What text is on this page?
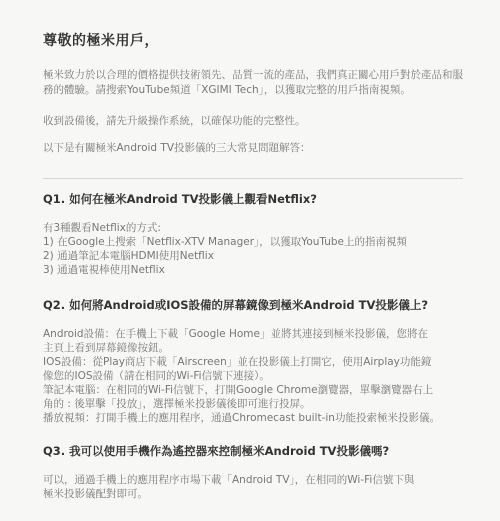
尊敬的極米用戶，

極米致力於以合理的價格提供技術領先、品質一流的產品，我們真正關心用戶對於產品和服務的體驗。請搜索YouTube頻道「XGIMI Tech」，以獲取完整的用戶指南視頻。

收到設備後，請先升級操作系統，以確保功能的完整性。

以下是有關極米Android TV投影儀的三大常見問題解答：

Q1. 如何在極米Android TV投影儀上觀看Netflix?
有3種觀看Netflix的方式:
1) 在Google上搜索「Netflix-XTV Manager」，以獲取YouTube上的指南視頻
2) 通過筆記本電腦HDMI使用Netflix
3) 通過電視棒使用Netflix
Q2. 如何將Android或IOS設備的屏幕鏡像到極米Android TV投影儀上?
Android設備：在手機上下載「Google Home」並將其連接到極米投影儀，您將在
主頁上看到屏幕鏡像按鈕。
IOS設備：從Play商店下載「Airscreen」並在投影儀上打開它，使用Airplay功能鏡
像您的IOS設備（請在相同的Wi-Fi信號下連接）。
筆記本電腦：在相同的Wi-Fi信號下，打開Google Chrome瀏覽器，單擊瀏覽器右上
角的 : 後單擊「投放」，選擇極米投影儀後即可進行投屏。
播放視頻：打開手機上的應用程序，通過Chromecast built-in功能投索極米投影儀。
Q3. 我可以使用手機作為遙控器來控制極米Android TV投影儀嗎?
可以，通過手機上的應用程序市場下載「Android TV」，在相同的Wi-Fi信號下與
極米投影儀配對即可。
